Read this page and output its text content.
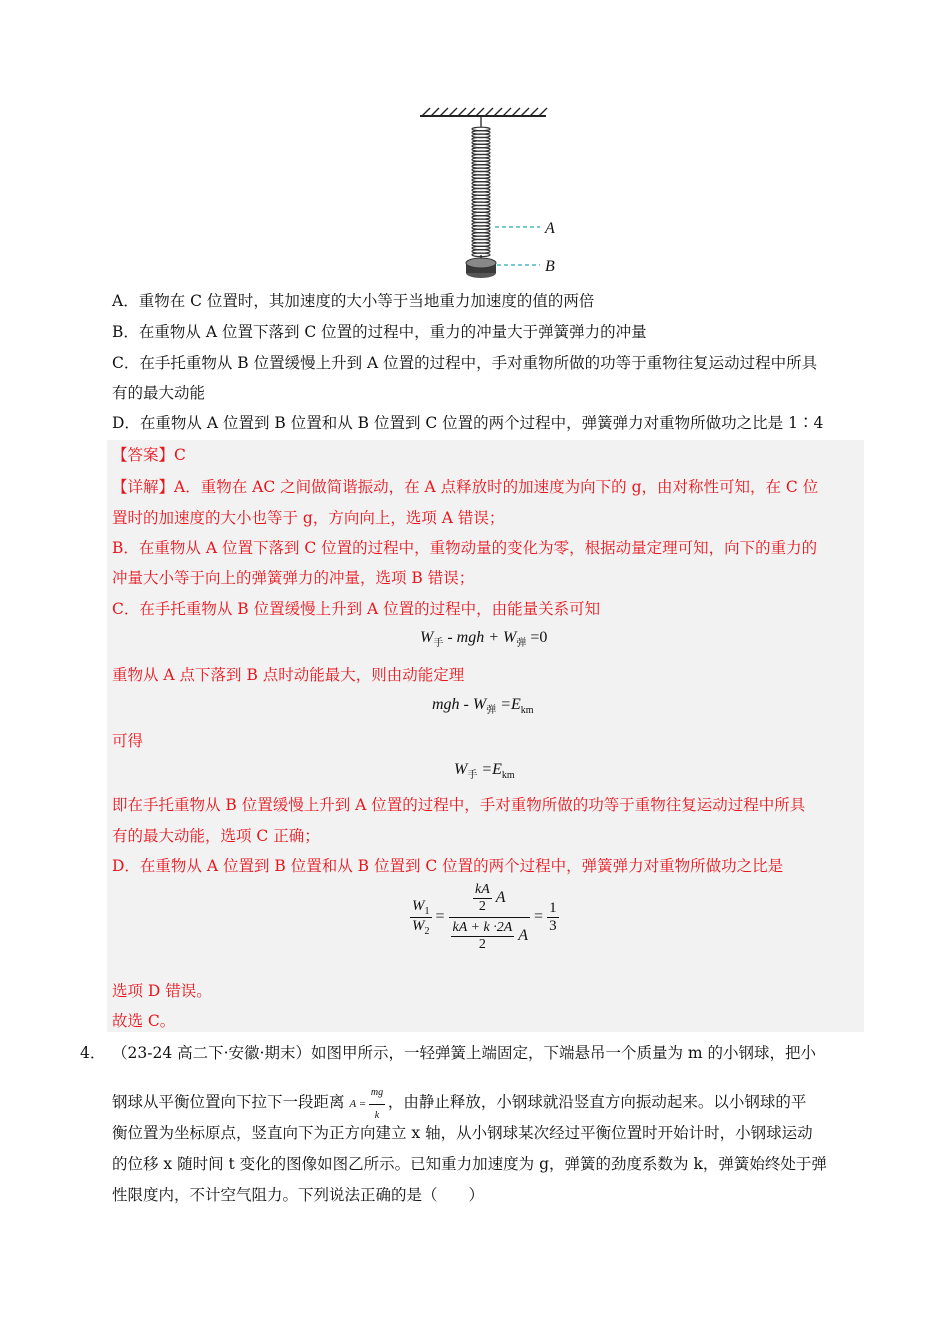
A
B
A．重物在 C 位置时，其加速度的大小等于当地重力加速度的值的两倍
B．在重物从 A 位置下落到 C 位置的过程中，重力的冲量大于弹簧弹力的冲量
C．在手托重物从 B 位置缓慢上升到 A 位置的过程中，手对重物所做的功等于重物往复运动过程中所具
有的最大动能
D．在重物从 A 位置到 B 位置和从 B 位置到 C 位置的两个过程中，弹簧弹力对重物所做功之比是 1∶4
【答案】C
【详解】A．重物在 AC 之间做简谐振动，在 A 点释放时的加速度为向下的 g，由对称性可知，在 C 位
置时的加速度的大小也等于 g，方向向上，选项 A 错误；
B．在重物从 A 位置下落到 C 位置的过程中，重物动量的变化为零，根据动量定理可知，向下的重力的
冲量大小等于向上的弹簧弹力的冲量，选项 B 错误；
C．在手托重物从 B 位置缓慢上升到 A 位置的过程中，由能量关系可知
$W_手$ - mgh + $W_弹 =0$
重物从 A 点下落到 B 点时动能最大，则由动能定理
mgh - $W_弹 =E_{km}$
可得
$W_手 =E_{km}$
即在手托重物从 B 位置缓慢上升到 A 位置的过程中，手对重物所做的功等于重物往复运动过程中所具
有的最大动能，选项 C 正确；
D．在重物从 A 位置到 B 位置和从 B 位置到 C 位置的两个过程中，弹簧弹力对重物所做功之比是
$\frac{W_1}{W_2} = \frac{\frac{kA}{2} A}{\frac{kA + k \cdot 2A}{2} A} = \frac{1}{3}$
选项 D 错误。
故选 C。
4． （23-24 高二下·安徽·期末）如图甲所示，一轻弹簧上端固定，下端悬吊一个质量为 m 的小钢球，把小
钢球从平衡位置向下拉下一段距离 $A = \frac{mg}{k}$ ，由静止释放，小钢球就沿竖直方向振动起来。以小钢球的平
衡位置为坐标原点，竖直向下为正方向建立 x 轴，从小钢球某次经过平衡位置时开始计时，小钢球运动
的位移 x 随时间 t 变化的图像如图乙所示。已知重力加速度为 g，弹簧的劲度系数为 k，弹簧始终处于弹
性限度内，不计空气阻力。下列说法正确的是（　　）
